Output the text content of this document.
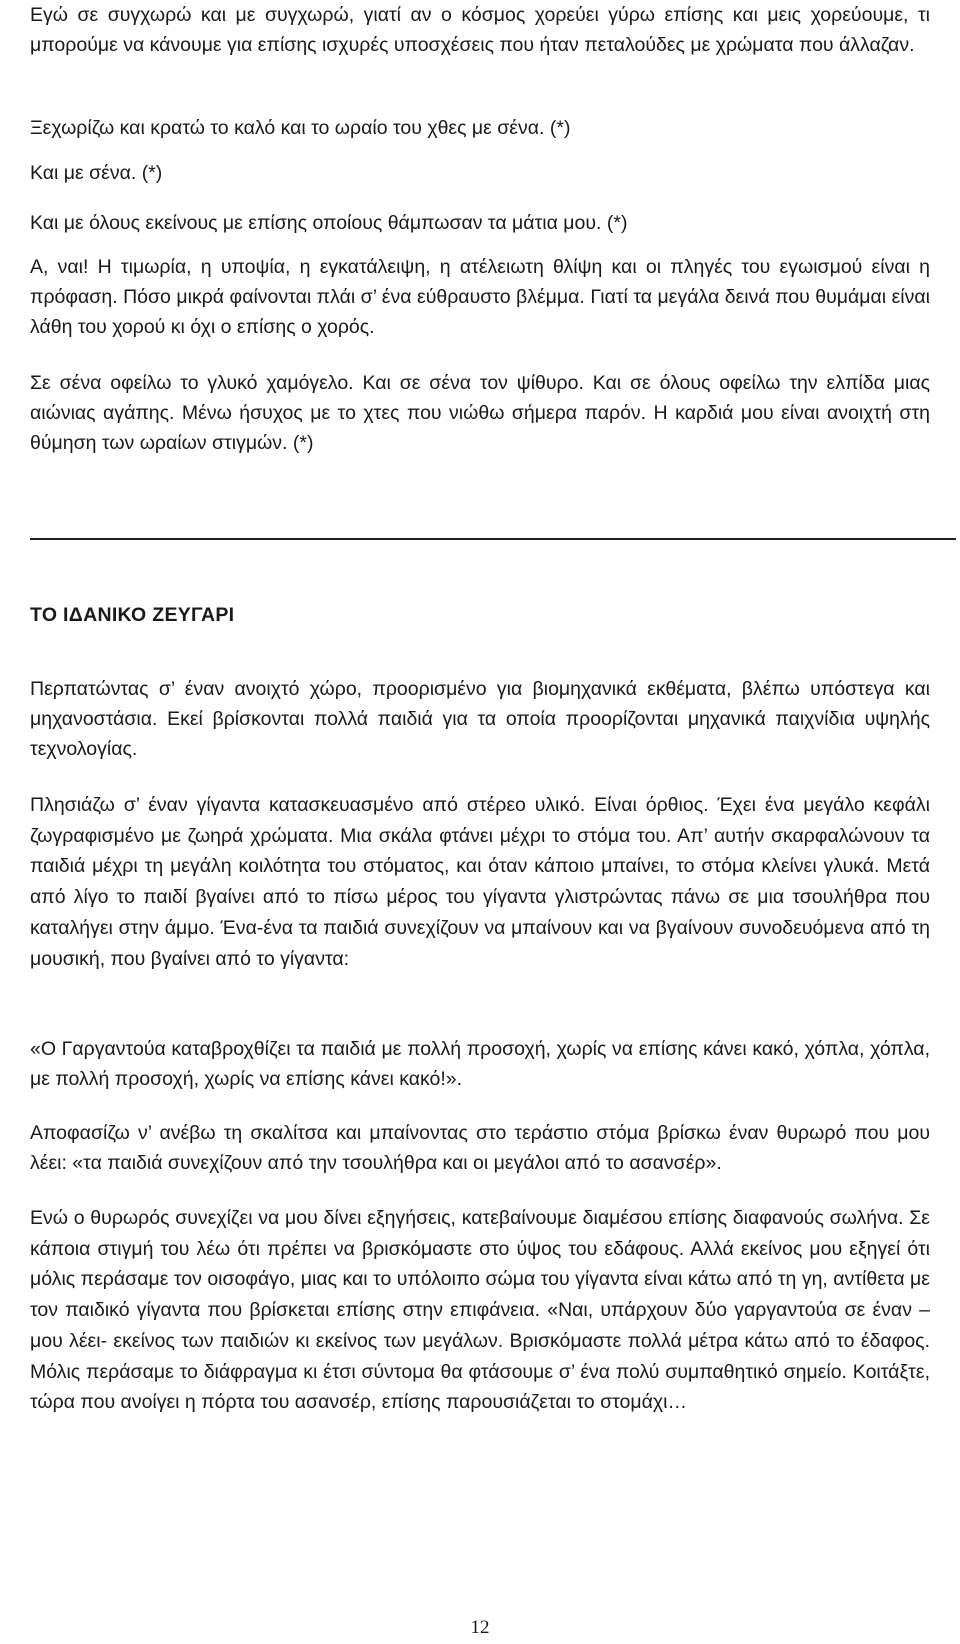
Εγώ σε συγχωρώ και με συγχωρώ, γιατί αν ο κόσμος χορεύει γύρω επίσης και μεις χορεύουμε, τι μπορούμε να κάνουμε για επίσης ισχυρές υποσχέσεις που ήταν πεταλούδες με χρώματα που άλλαζαν.

Ξεχωρίζω και κρατώ το καλό και το ωραίο του χθες με σένα. (*)

Και με σένα. (*)

Και με όλους εκείνους με επίσης οποίους θάμπωσαν τα μάτια μου. (*)

Α, ναι! Η τιμωρία, η υποψία, η εγκατάλειψη, η ατέλειωτη θλίψη και οι πληγές του εγωισμού είναι η πρόφαση. Πόσο μικρά φαίνονται πλάι σ’ ένα εύθραυστο βλέμμα. Γιατί τα μεγάλα δεινά που θυμάμαι είναι λάθη του χορού κι όχι ο επίσης ο χορός.

Σε σένα οφείλω το γλυκό χαμόγελο. Και σε σένα τον ψίθυρο. Και σε όλους οφείλω την ελπίδα μιας αιώνιας αγάπης. Μένω ήσυχος με το χτες που νιώθω σήμερα παρόν. Η καρδιά μου είναι ανοιχτή στη θύμηση των ωραίων στιγμών. (*)

ΤΟ ΙΔΑΝΙΚΟ ΖΕΥΓΑΡΙ

Περπατώντας σ’ έναν ανοιχτό χώρο, προορισμένο για βιομηχανικά εκθέματα, βλέπω υπόστεγα και μηχανοστάσια. Εκεί βρίσκονται πολλά παιδιά για τα οποία προορίζονται μηχανικά παιχνίδια υψηλής τεχνολογίας.

Πλησιάζω σ’ έναν γίγαντα κατασκευασμένο από στέρεο υλικό. Είναι όρθιος. Έχει ένα μεγάλο κεφάλι ζωγραφισμένο με ζωηρά χρώματα. Μια σκάλα φτάνει μέχρι το στόμα του. Απ’ αυτήν σκαρφαλώνουν τα παιδιά μέχρι τη μεγάλη κοιλότητα του στόματος, και όταν κάποιο μπαίνει, το στόμα κλείνει γλυκά. Μετά από λίγο το παιδί βγαίνει από το πίσω μέρος του γίγαντα γλιστρώντας πάνω σε μια τσουλήθρα που καταλήγει στην άμμο. Ένα-ένα τα παιδιά συνεχίζουν να μπαίνουν και να βγαίνουν συνοδευόμενα από τη μουσική, που βγαίνει από το γίγαντα:

«Ο Γαργαντούα καταβροχθίζει τα παιδιά με πολλή προσοχή, χωρίς να επίσης κάνει κακό, χόπλα, χόπλα, με πολλή προσοχή, χωρίς να επίσης κάνει κακό!».

Αποφασίζω ν’ ανέβω τη σκαλίτσα και μπαίνοντας στο τεράστιο στόμα βρίσκω έναν θυρωρό που μου λέει: «τα παιδιά συνεχίζουν από την τσουλήθρα και οι μεγάλοι από το ασανσέρ».

Ενώ ο θυρωρός συνεχίζει να μου δίνει εξηγήσεις, κατεβαίνουμε διαμέσου επίσης διαφανούς σωλήνα. Σε κάποια στιγμή του λέω ότι πρέπει να βρισκόμαστε στο ύψος του εδάφους. Αλλά εκείνος μου εξηγεί ότι μόλις περάσαμε τον οισοφάγο, μιας και το υπόλοιπο σώμα του γίγαντα είναι κάτω από τη γη, αντίθετα με τον παιδικό γίγαντα που βρίσκεται επίσης στην επιφάνεια. «Ναι, υπάρχουν δύο γαργαντούα σε έναν –μου λέει- εκείνος των παιδιών κι εκείνος των μεγάλων. Βρισκόμαστε πολλά μέτρα κάτω από το έδαφος. Μόλις περάσαμε το διάφραγμα κι έτσι σύντομα θα φτάσουμε σ’ ένα πολύ συμπαθητικό σημείο. Κοιτάξτε, τώρα που ανοίγει η πόρτα του ασανσέρ, επίσης παρουσιάζεται το στομάχι…

12
